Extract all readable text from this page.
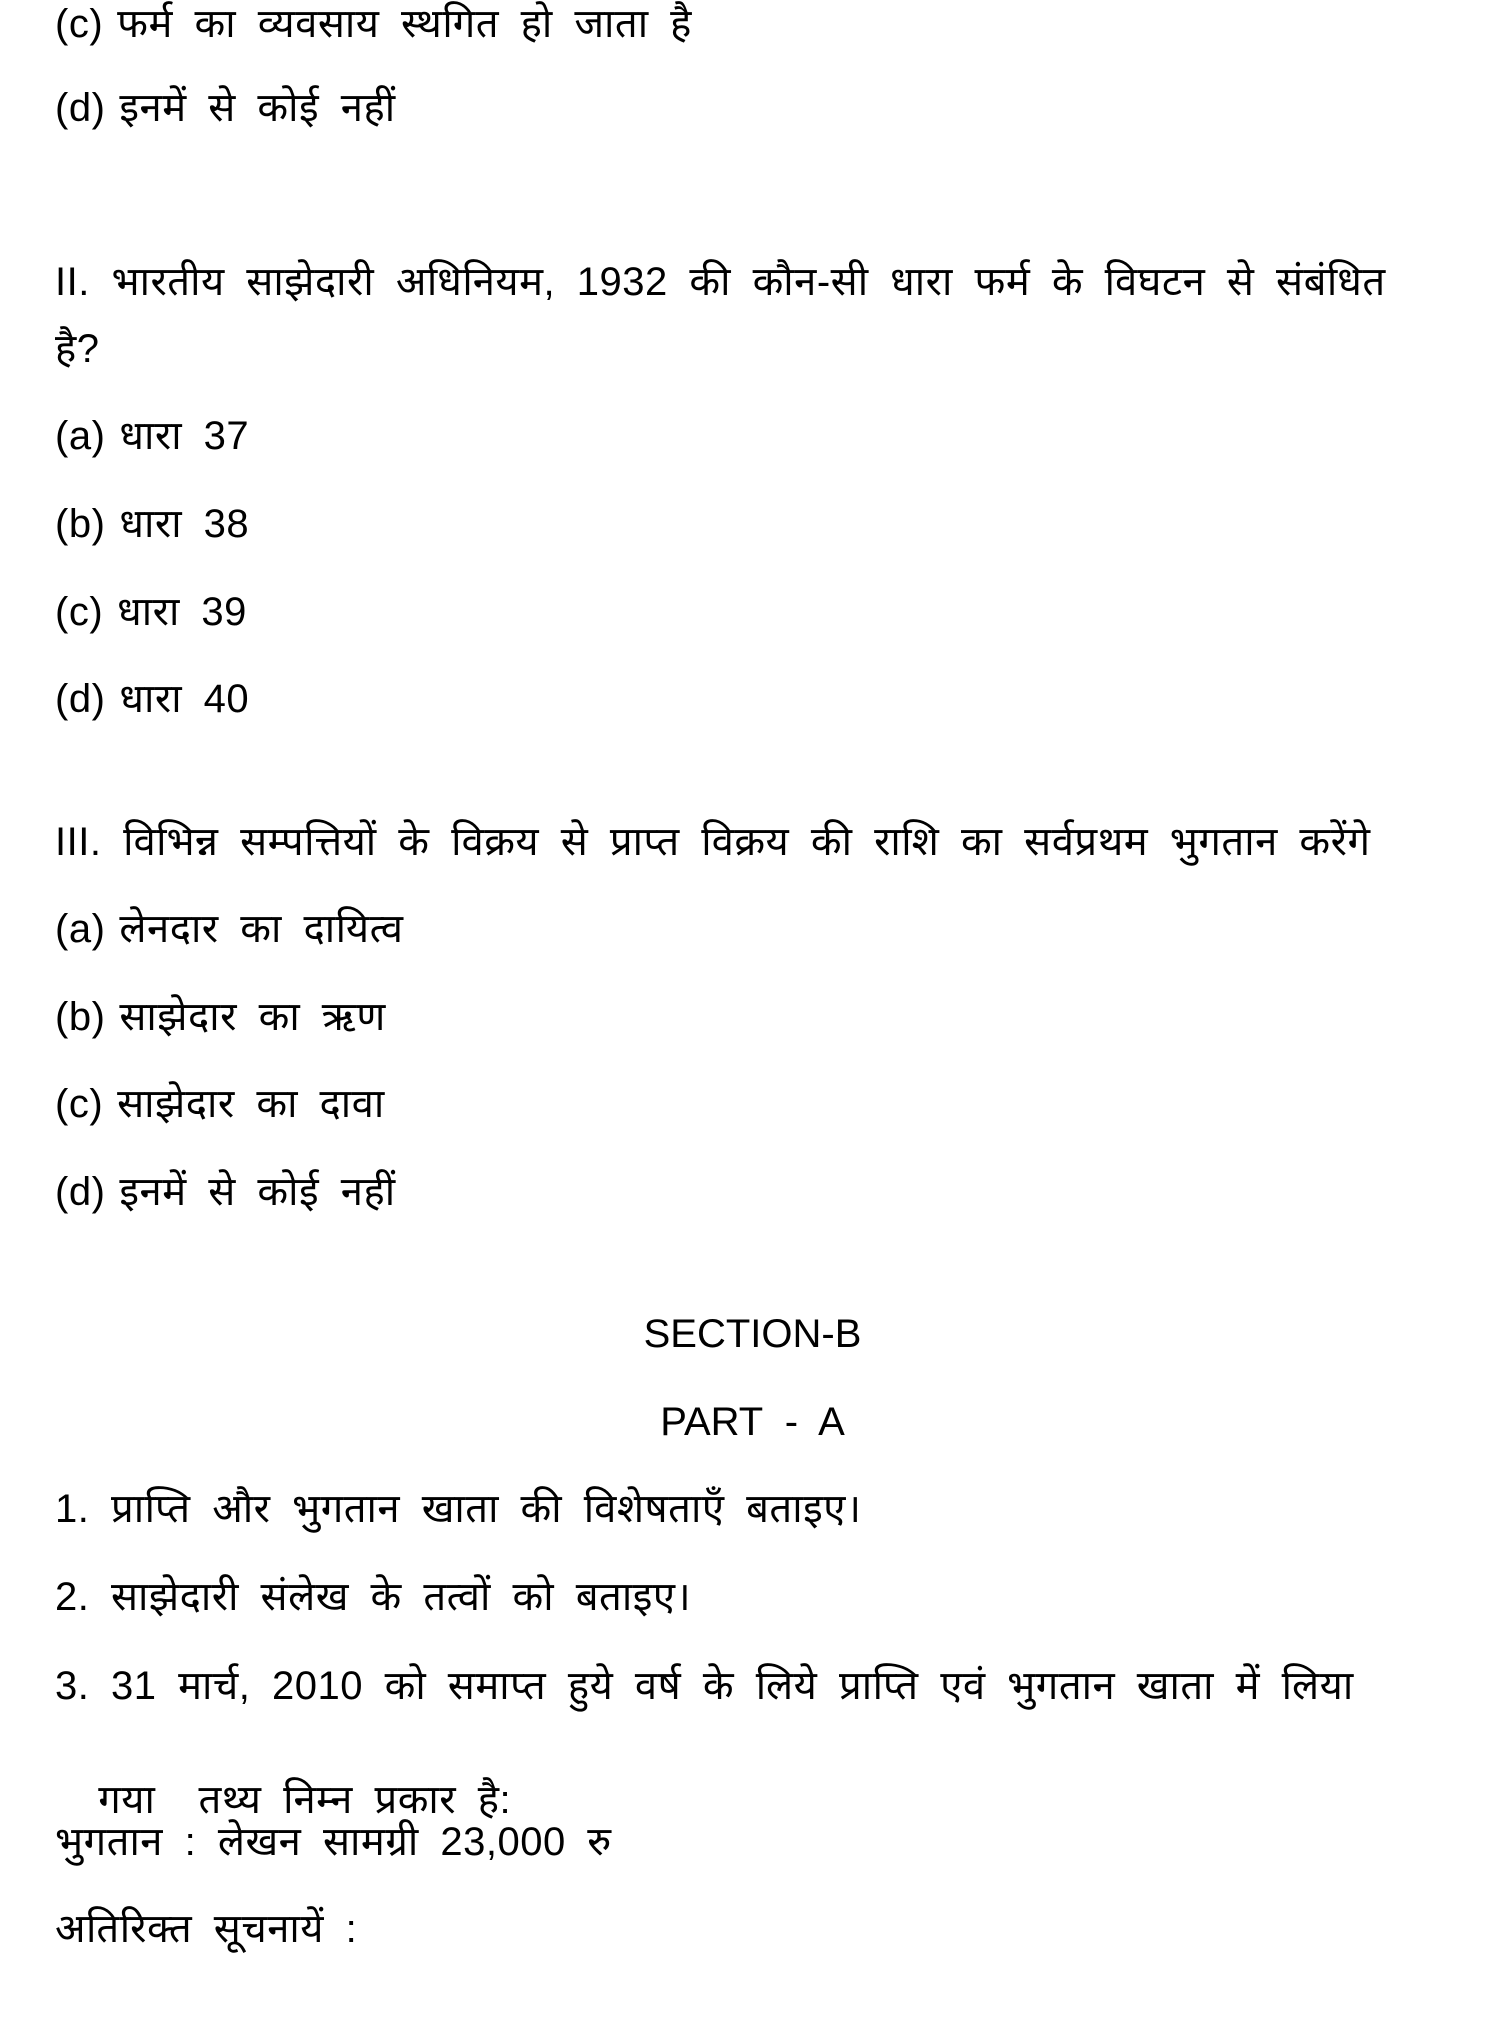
(c) फर्म का व्यवसाय स्थगित हो जाता है
(d) इनमें से कोई नहीं
II. भारतीय साझेदारी अधिनियम, 1932 की कौन-सी धारा फर्म के विघटन से संबंधित
है?
(a) धारा 37
(b) धारा 38
(c) धारा 39
(d) धारा 40
III. विभिन्न सम्पत्तियों के विक्रय से प्राप्त विक्रय की राशि का सर्वप्रथम भुगतान करेंगे
(a) लेनदार का दायित्व
(b) साझेदार का ऋण
(c) साझेदार का दावा
(d) इनमें से कोई नहीं
SECTION-B
PART  -  A
1. प्राप्ति और भुगतान खाता की विशेषताएँ बताइए।
2. साझेदारी संलेख के तत्वों को बताइए।
3. 31 मार्च, 2010 को समाप्त हुये वर्ष के लिये प्राप्ति एवं भुगतान खाता में लिया

गया  तथ्य निम्न प्रकार है:

भुगतान : लेखन सामग्री 23,000 रु
अतिरिक्त सूचनायें :
